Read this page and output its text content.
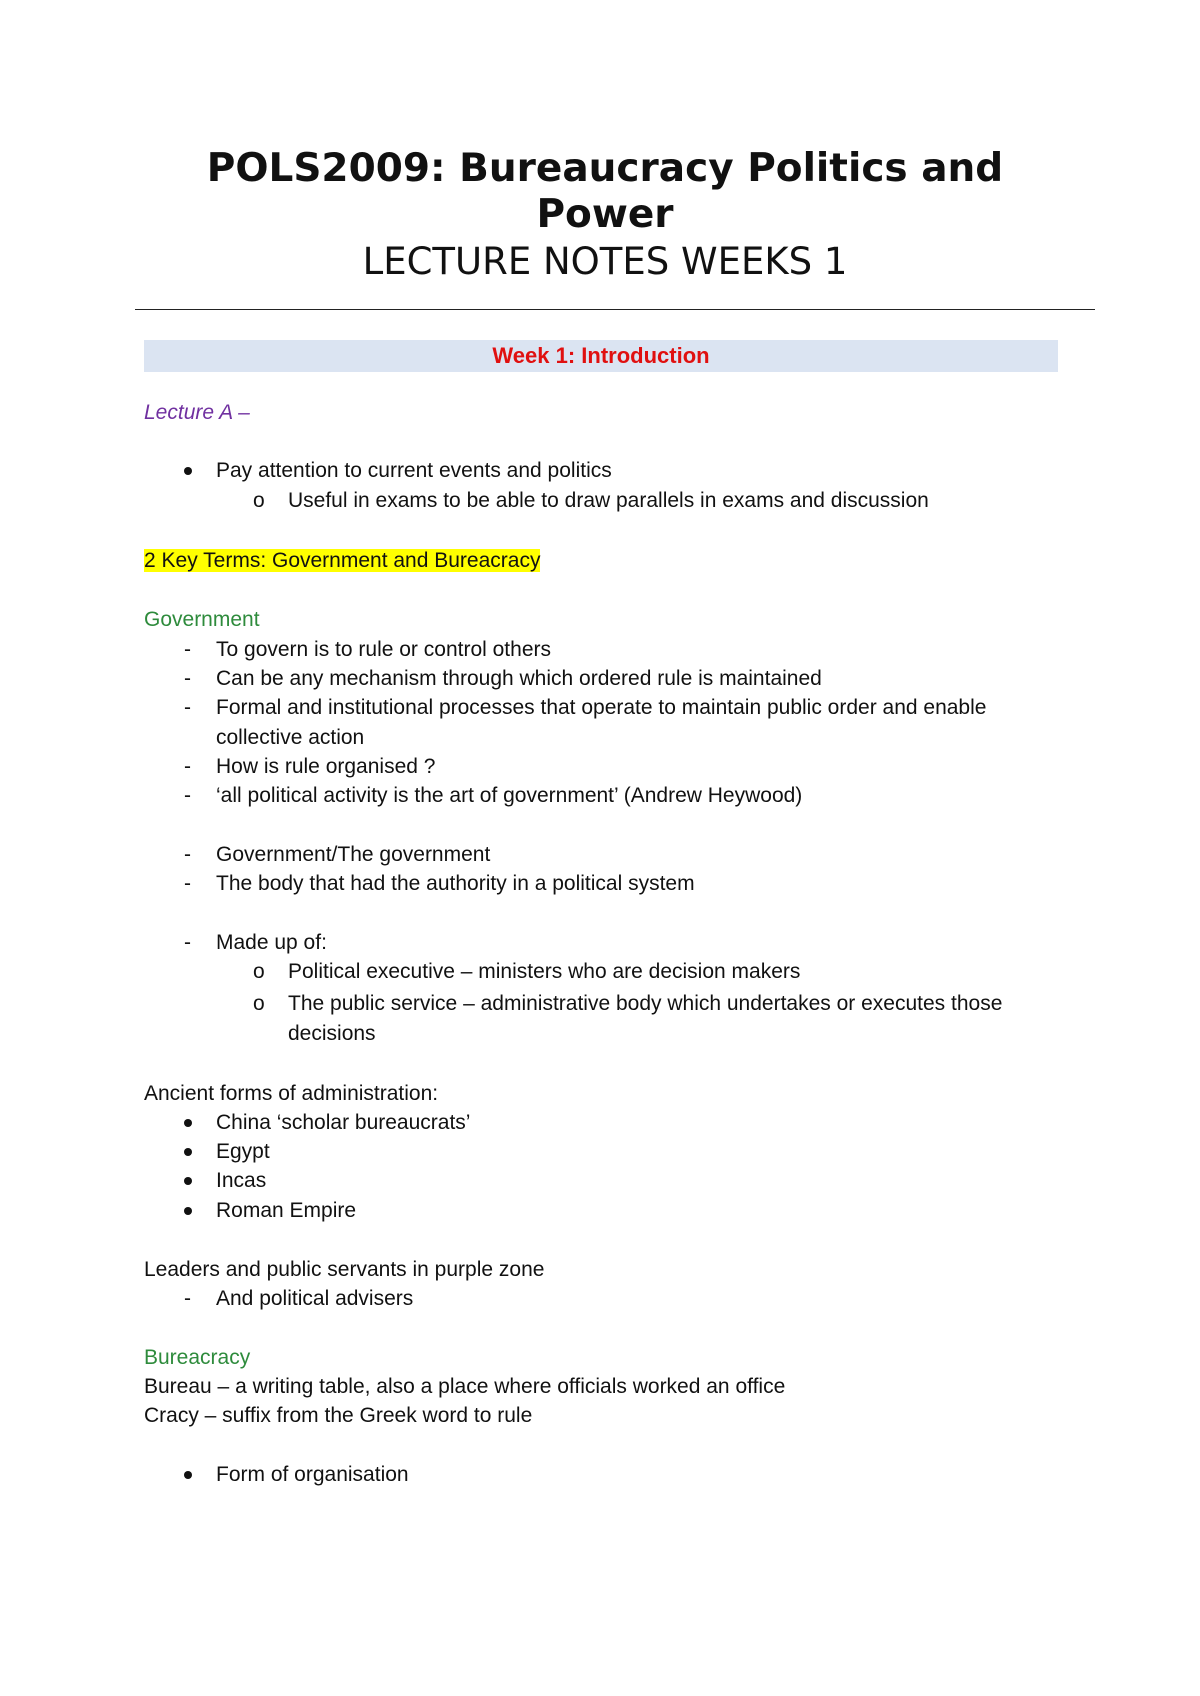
POLS2009: Bureaucracy Politics and
Power
LECTURE NOTES WEEKS 1
Week 1: Introduction
Lecture A –
Pay attention to current events and politics
o Useful in exams to be able to draw parallels in exams and discussion
2 Key Terms: Government and Bureacracy
Government
- To govern is to rule or control others
- Can be any mechanism through which ordered rule is maintained
- Formal and institutional processes that operate to maintain public order and enable
collective action
- How is rule organised ?
- ‘all political activity is the art of government’ (Andrew Heywood)
- Government/The government
- The body that had the authority in a political system
- Made up of:
o Political executive – ministers who are decision makers
o The public service – administrative body which undertakes or executes those
decisions
Ancient forms of administration:
China ‘scholar bureaucrats’
Egypt
Incas
Roman Empire
Leaders and public servants in purple zone
- And political advisers
Bureacracy
Bureau – a writing table, also a place where officials worked an office
Cracy – suffix from the Greek word to rule
Form of organisation
